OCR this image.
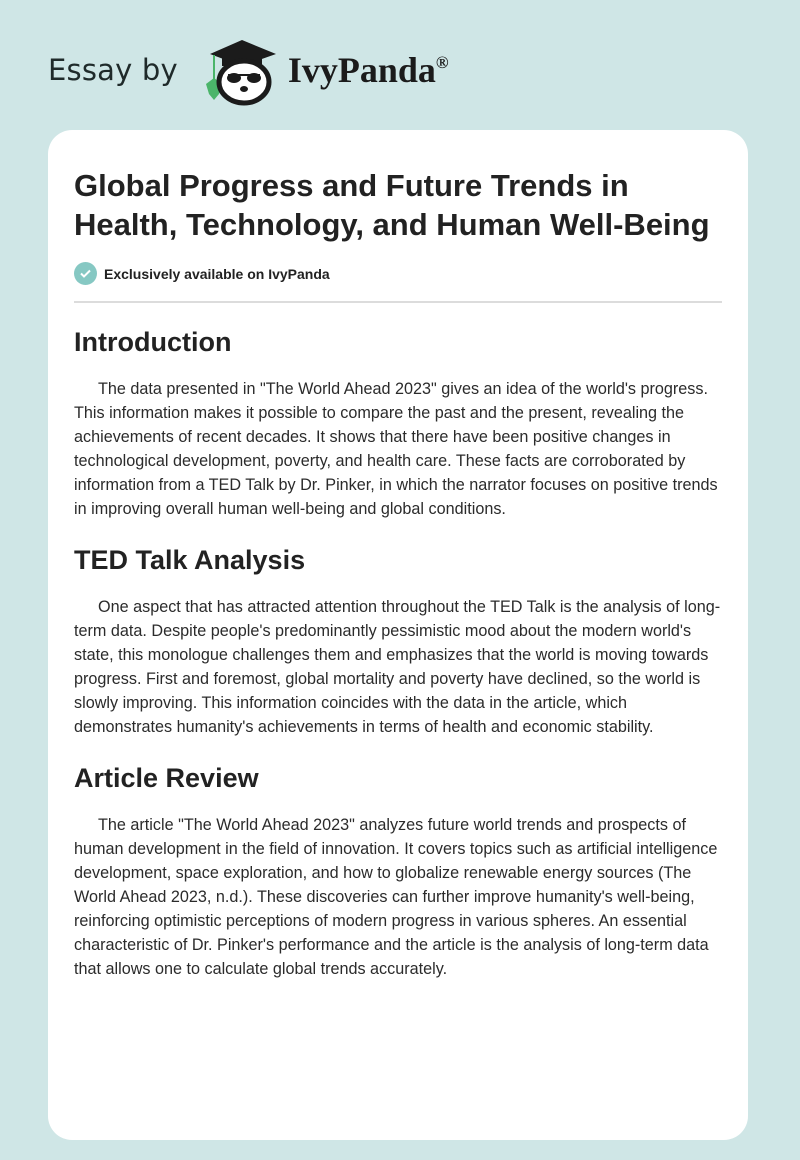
Essay by	IvyPanda®
Global Progress and Future Trends in Health, Technology, and Human Well-Being
Exclusively available on IvyPanda
Introduction

The data presented in "The World Ahead 2023" gives an idea of the world's progress. This information makes it possible to compare the past and the present, revealing the achievements of recent decades. It shows that there have been positive changes in technological development, poverty, and health care. These facts are corroborated by information from a TED Talk by Dr. Pinker, in which the narrator focuses on positive trends in improving overall human well-being and global conditions.

TED Talk Analysis

One aspect that has attracted attention throughout the TED Talk is the analysis of long-term data. Despite people's predominantly pessimistic mood about the modern world's state, this monologue challenges them and emphasizes that the world is moving towards progress. First and foremost, global mortality and poverty have declined, so the world is slowly improving. This information coincides with the data in the article, which demonstrates humanity's achievements in terms of health and economic stability.

Article Review

The article "The World Ahead 2023" analyzes future world trends and prospects of human development in the field of innovation. It covers topics such as artificial intelligence development, space exploration, and how to globalize renewable energy sources (The World Ahead 2023, n.d.). These discoveries can further improve humanity's well-being, reinforcing optimistic perceptions of modern progress in various spheres. An essential characteristic of Dr. Pinker's performance and the article is the analysis of long-term data that allows one to calculate global trends accurately.
